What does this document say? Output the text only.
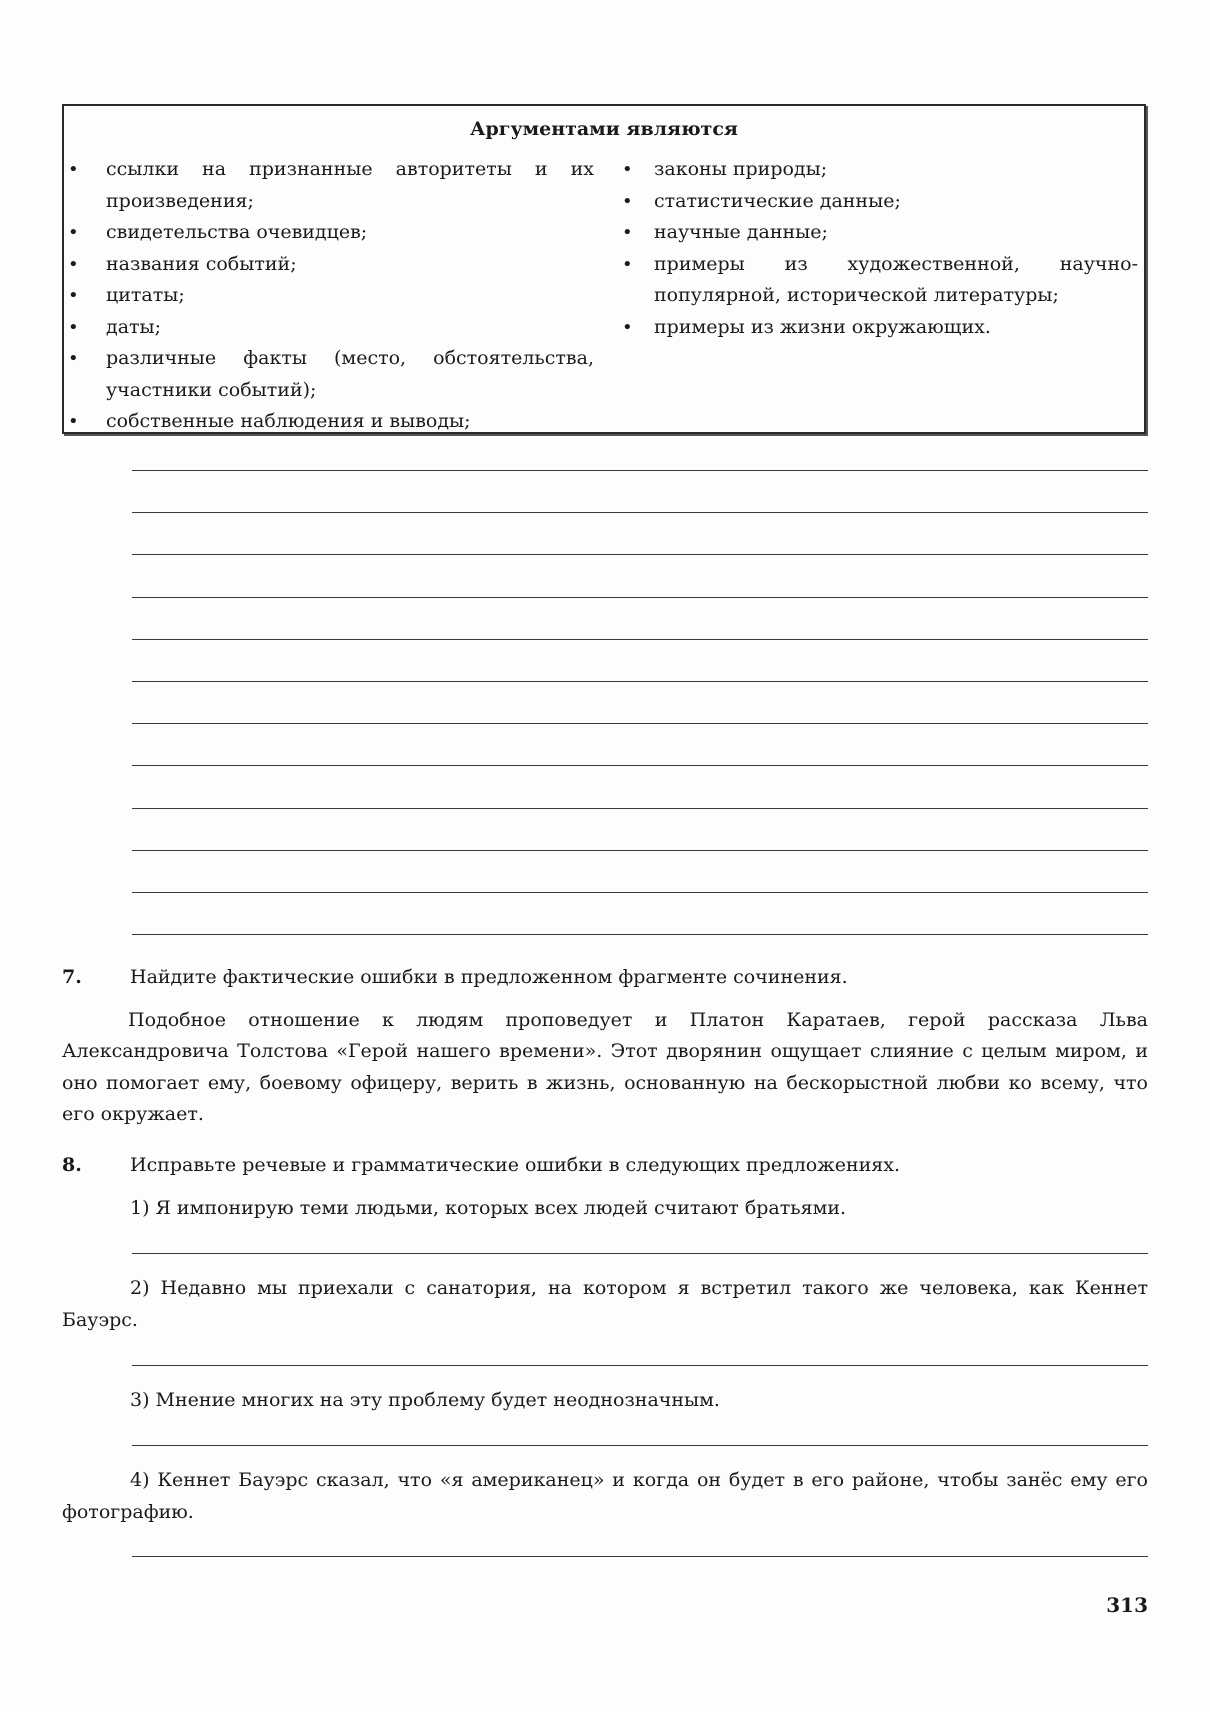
Аргументами являются
• ссылки на признанные авторитеты и их произведения;
• свидетельства очевидцев;
• названия событий;
• цитаты;
• даты;
• различные факты (место, обстоятельства, участники событий);
• собственные наблюдения и выводы;
• законы природы;
• статистические данные;
• научные данные;
• примеры из художественной, научно-популярной, исторической литературы;
• примеры из жизни окружающих.
7.	Найдите фактические ошибки в предложенном фрагменте сочинения.

Подобное отношение к людям проповедует и Платон Каратаев, герой рассказа Льва Александровича Толстова «Герой нашего времени». Этот дворянин ощущает слияние с целым миром, и оно помогает ему, боевому офицеру, верить в жизнь, основанную на бескорыстной любви ко всему, что его окружает.

8.	Исправьте речевые и грамматические ошибки в следующих предложениях.

1) Я импонирую теми людьми, которых всех людей считают братьями.

2) Недавно мы приехали с санатория, на котором я встретил такого же человека, как Кеннет Бауэрс.

3) Мнение многих на эту проблему будет неоднозначным.

4) Кеннет Бауэрс сказал, что «я американец» и когда он будет в его районе, чтобы занёс ему его фотографию.

313
